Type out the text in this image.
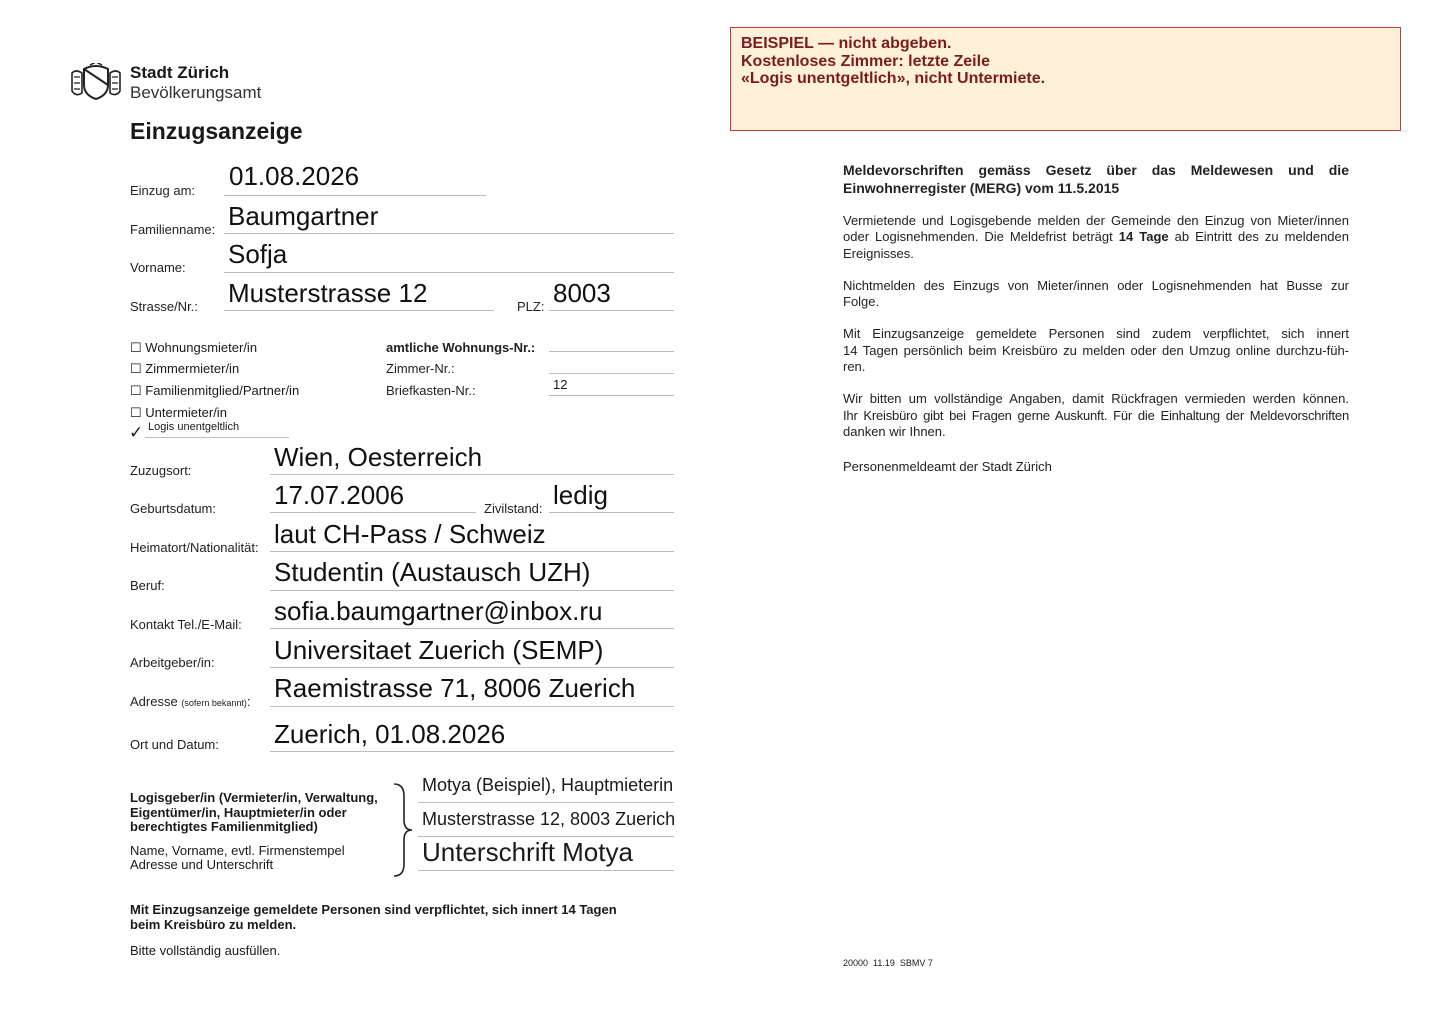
Stadt Zürich
Bevölkerungsamt
Einzugsanzeige
BEISPIEL — nicht abgeben.
Kostenloses Zimmer: letzte Zeile
«Logis unentgeltlich», nicht Untermiete.
Einzug am: 01.08.2026
Familienname: Baumgartner
Vorname: Sofja
Strasse/Nr.: Musterstrasse 12	PLZ: 8003
☐ Wohnungsmieter/in
☐ Zimmermieter/in
☐ Familienmitglied/Partner/in
☐ Untermieter/in
✓ Logis unentgeltlich
amtliche Wohnungs-Nr.:
Zimmer-Nr.:
Briefkasten-Nr.:	12
Zuzugsort:	Wien, Oesterreich
Geburtsdatum: 17.07.2006	Zivilstand: ledig
Heimatort/Nationalität: laut CH-Pass / Schweiz
Beruf:	Studentin (Austausch UZH)
Kontakt Tel./E-Mail: sofia.baumgartner@inbox.ru
Arbeitgeber/in: Universitaet Zuerich (SEMP)
Adresse (sofern bekannt): Raemistrasse 71, 8006 Zuerich
Ort und Datum: Zuerich, 01.08.2026
Logisgeber/in (Vermieter/in, Verwaltung,
Eigentümer/in, Hauptmieter/in oder
berechtigtes Familienmitglied)
Name, Vorname, evtl. Firmenstempel
Adresse und Unterschrift
Motya (Beispiel), Hauptmieterin
Musterstrasse 12, 8003 Zuerich
Unterschrift Motya
Mit Einzugsanzeige gemeldete Personen sind verpflichtet, sich innert 14 Tagen
beim Kreisbüro zu melden.
Bitte vollständig ausfüllen.
Meldevorschriften gemäss Gesetz über das Meldewesen und die
Einwohnerregister (MERG) vom 11.5.2015
Vermietende und Logisgebende melden der Gemeinde den Einzug von Mieter/innen
oder Logisnehmenden. Die Meldefrist beträgt 14 Tage ab Eintritt des zu meldenden
Ereignisses.
Nichtmelden des Einzugs von Mieter/innen oder Logisnehmenden hat Busse zur
Folge.
Mit Einzugsanzeige gemeldete Personen sind zudem verpflichtet, sich innert
14 Tagen persönlich beim Kreisbüro zu melden oder den Umzug online durchzu-füh-
ren.
Wir bitten um vollständige Angaben, damit Rückfragen vermieden werden können.
Ihr Kreisbüro gibt bei Fragen gerne Auskunft. Für die Einhaltung der Meldevorschriften
danken wir Ihnen.
Personenmeldeamt der Stadt Zürich
20000  11.19  SBMV 7
